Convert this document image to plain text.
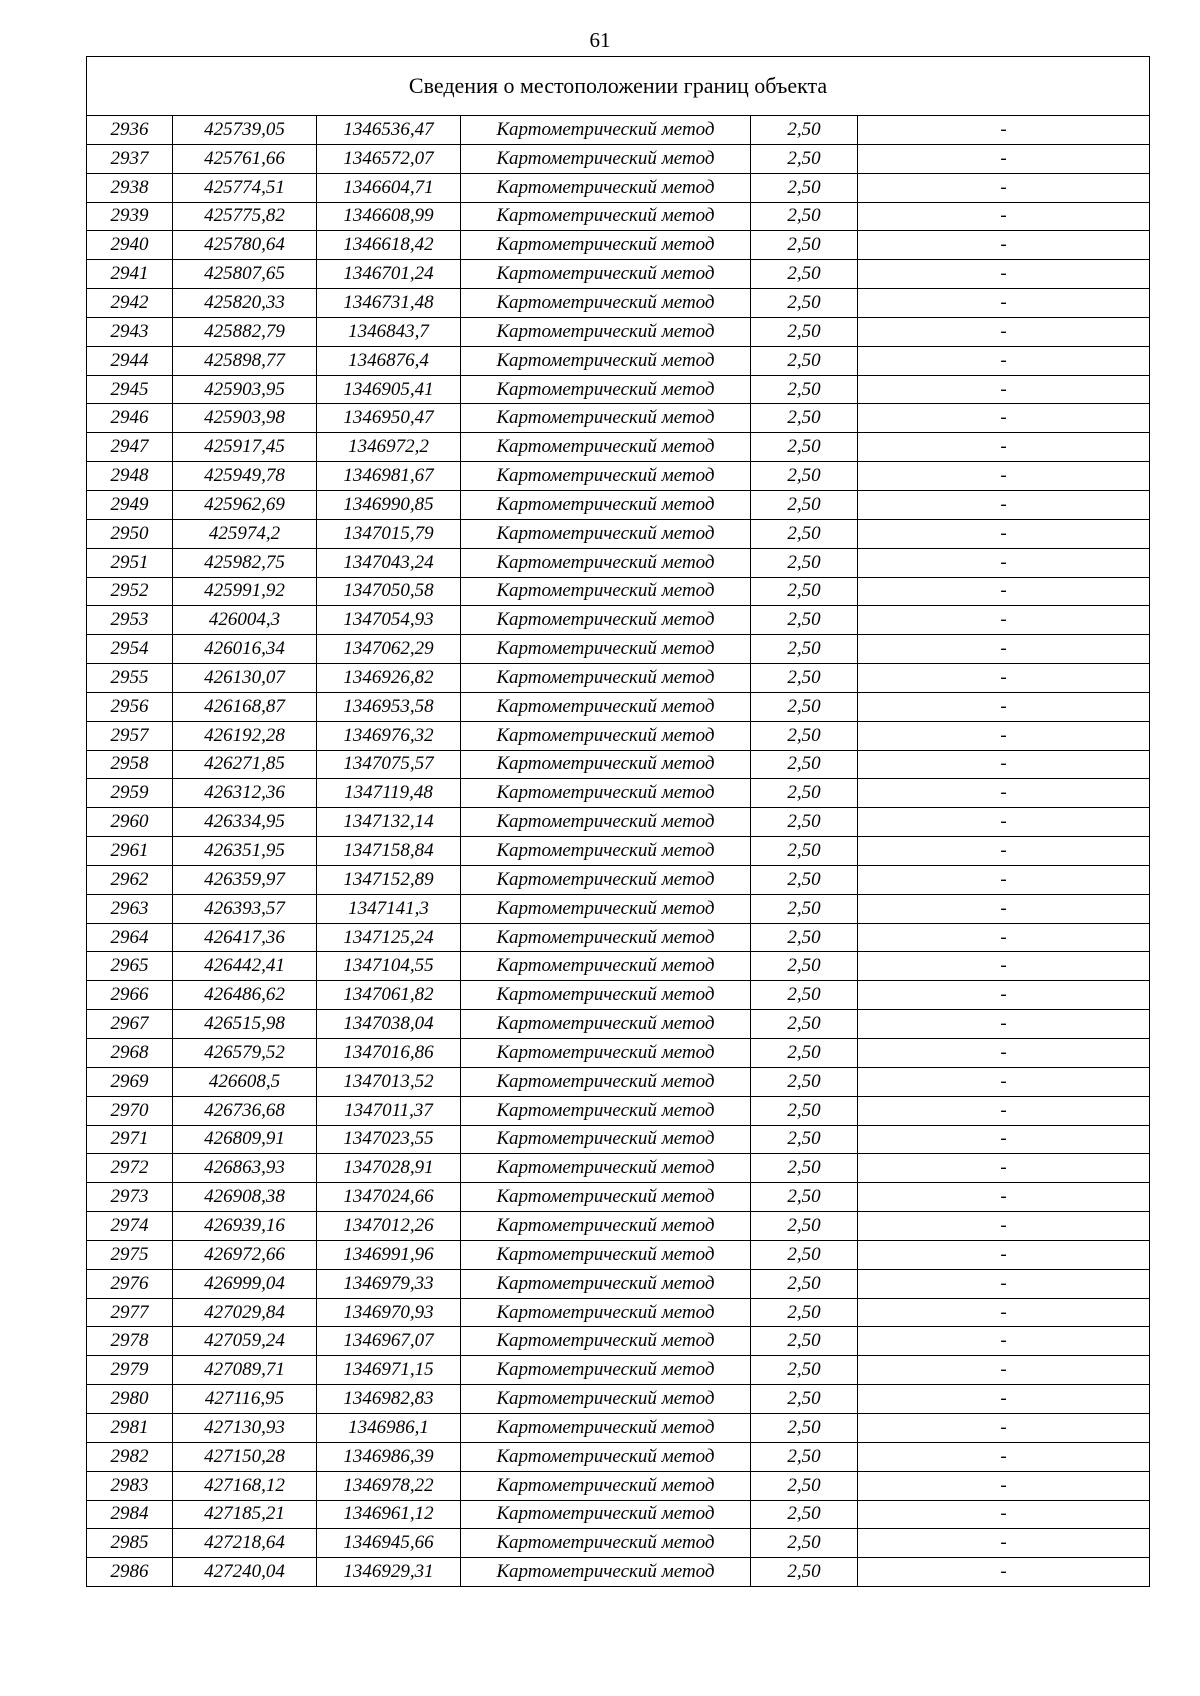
61
Сведения о местоположении границ объекта					
2936	425739,05	1346536,47	Картометрический метод	2,50	-
2937	425761,66	1346572,07	Картометрический метод	2,50	-
2938	425774,51	1346604,71	Картометрический метод	2,50	-
2939	425775,82	1346608,99	Картометрический метод	2,50	-
2940	425780,64	1346618,42	Картометрический метод	2,50	-
2941	425807,65	1346701,24	Картометрический метод	2,50	-
2942	425820,33	1346731,48	Картометрический метод	2,50	-
2943	425882,79	1346843,7	Картометрический метод	2,50	-
2944	425898,77	1346876,4	Картометрический метод	2,50	-
2945	425903,95	1346905,41	Картометрический метод	2,50	-
2946	425903,98	1346950,47	Картометрический метод	2,50	-
2947	425917,45	1346972,2	Картометрический метод	2,50	-
2948	425949,78	1346981,67	Картометрический метод	2,50	-
2949	425962,69	1346990,85	Картометрический метод	2,50	-
2950	425974,2	1347015,79	Картометрический метод	2,50	-
2951	425982,75	1347043,24	Картометрический метод	2,50	-
2952	425991,92	1347050,58	Картометрический метод	2,50	-
2953	426004,3	1347054,93	Картометрический метод	2,50	-
2954	426016,34	1347062,29	Картометрический метод	2,50	-
2955	426130,07	1346926,82	Картометрический метод	2,50	-
2956	426168,87	1346953,58	Картометрический метод	2,50	-
2957	426192,28	1346976,32	Картометрический метод	2,50	-
2958	426271,85	1347075,57	Картометрический метод	2,50	-
2959	426312,36	1347119,48	Картометрический метод	2,50	-
2960	426334,95	1347132,14	Картометрический метод	2,50	-
2961	426351,95	1347158,84	Картометрический метод	2,50	-
2962	426359,97	1347152,89	Картометрический метод	2,50	-
2963	426393,57	1347141,3	Картометрический метод	2,50	-
2964	426417,36	1347125,24	Картометрический метод	2,50	-
2965	426442,41	1347104,55	Картометрический метод	2,50	-
2966	426486,62	1347061,82	Картометрический метод	2,50	-
2967	426515,98	1347038,04	Картометрический метод	2,50	-
2968	426579,52	1347016,86	Картометрический метод	2,50	-
2969	426608,5	1347013,52	Картометрический метод	2,50	-
2970	426736,68	1347011,37	Картометрический метод	2,50	-
2971	426809,91	1347023,55	Картометрический метод	2,50	-
2972	426863,93	1347028,91	Картометрический метод	2,50	-
2973	426908,38	1347024,66	Картометрический метод	2,50	-
2974	426939,16	1347012,26	Картометрический метод	2,50	-
2975	426972,66	1346991,96	Картометрический метод	2,50	-
2976	426999,04	1346979,33	Картометрический метод	2,50	-
2977	427029,84	1346970,93	Картометрический метод	2,50	-
2978	427059,24	1346967,07	Картометрический метод	2,50	-
2979	427089,71	1346971,15	Картометрический метод	2,50	-
2980	427116,95	1346982,83	Картометрический метод	2,50	-
2981	427130,93	1346986,1	Картометрический метод	2,50	-
2982	427150,28	1346986,39	Картометрический метод	2,50	-
2983	427168,12	1346978,22	Картометрический метод	2,50	-
2984	427185,21	1346961,12	Картометрический метод	2,50	-
2985	427218,64	1346945,66	Картометрический метод	2,50	-
2986	427240,04	1346929,31	Картометрический метод	2,50	-
